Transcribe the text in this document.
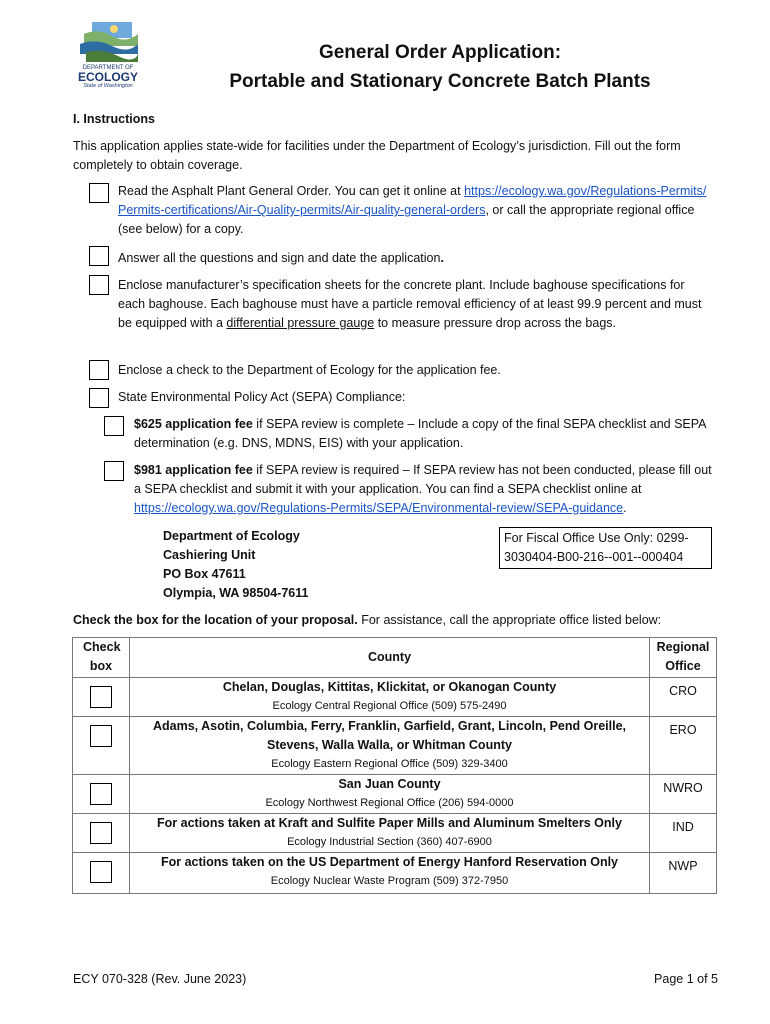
DEPARTMENT OF
ECOLOGY
State of Washington
General Order Application:
Portable and Stationary Concrete Batch Plants
I. Instructions
This application applies state-wide for facilities under the Department of Ecology’s jurisdiction. Fill out the form completely to obtain coverage.
Read the Asphalt Plant General Order. You can get it online at https://ecology.wa.gov/Regulations-Permits/Permits-certifications/Air-Quality-permits/Air-quality-general-orders, or call the appropriate regional office (see below) for a copy.
Answer all the questions and sign and date the application.
Enclose manufacturer’s specification sheets for the concrete plant. Include baghouse specifications for each baghouse. Each baghouse must have a particle removal efficiency of at least 99.9 percent and must be equipped with a differential pressure gauge to measure pressure drop across the bags.
Enclose a check to the Department of Ecology for the application fee.
State Environmental Policy Act (SEPA) Compliance:
$625 application fee if SEPA review is complete – Include a copy of the final SEPA checklist and SEPA determination (e.g. DNS, MDNS, EIS) with your application.
$981 application fee if SEPA review is required – If SEPA review has not been conducted, please fill out a SEPA checklist and submit it with your application. You can find a SEPA checklist online at https://ecology.wa.gov/Regulations-Permits/SEPA/Environmental-review/SEPA-guidance.
Department of Ecology
Cashiering Unit
PO Box 47611
Olympia, WA 98504-7611
For Fiscal Office Use Only: 0299-3030404-B00-216--001--000404
Check the box for the location of your proposal. For assistance, call the appropriate office listed below:
Check box	County	Regional Office

	Chelan, Douglas, Kittitas, Klickitat, or Okanogan County
Ecology Central Regional Office (509) 575-2490	CRO

	Adams, Asotin, Columbia, Ferry, Franklin, Garfield, Grant, Lincoln, Pend Oreille, Stevens, Walla Walla, or Whitman County
Ecology Eastern Regional Office (509) 329-3400	ERO

	San Juan County
Ecology Northwest Regional Office (206) 594-0000	NWRO

	For actions taken at Kraft and Sulfite Paper Mills and Aluminum Smelters Only
Ecology Industrial Section (360) 407-6900	IND

	For actions taken on the US Department of Energy Hanford Reservation Only
Ecology Nuclear Waste Program (509) 372-7950	NWP
ECY 070-328 (Rev. June 2023)	Page 1 of 5
